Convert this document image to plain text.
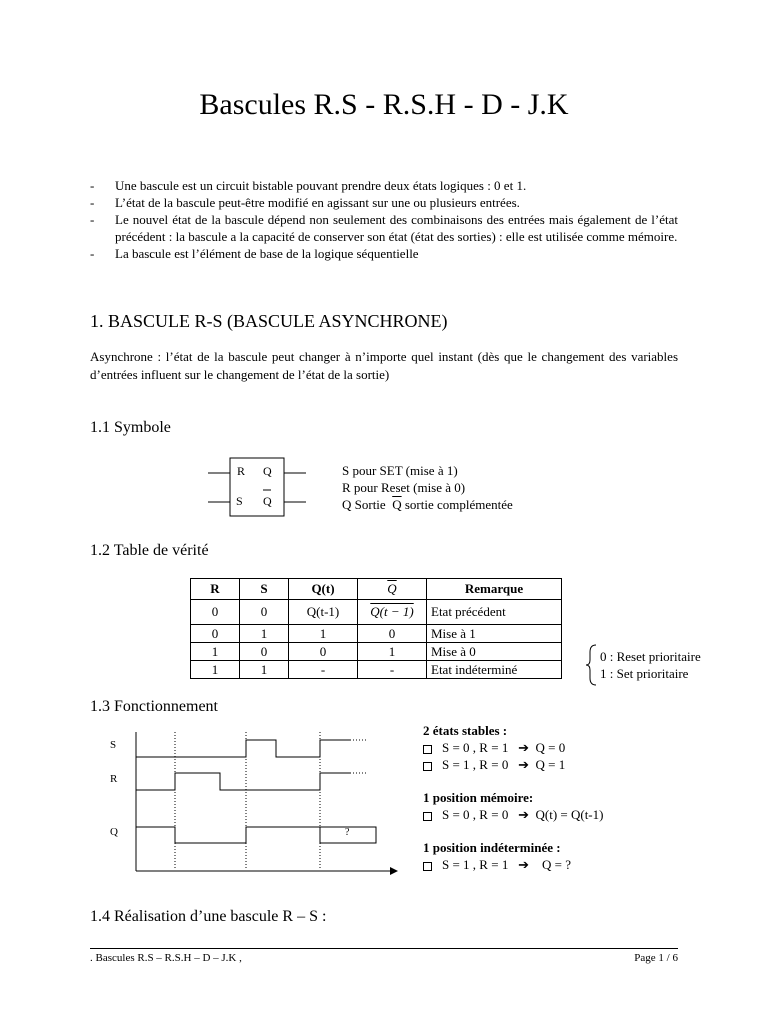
Bascules R.S - R.S.H - D - J.K
- Une bascule est un circuit bistable pouvant prendre deux états logiques : 0 et 1.
- L’état de la bascule peut-être modifié en agissant sur une ou plusieurs entrées.
- Le nouvel état de la bascule dépend non seulement des combinaisons des entrées mais également de l’état précédent : la bascule a la capacité de conserver son état (état des sorties) : elle est utilisée comme mémoire.
- La bascule est l’élément de base de la logique séquentielle
1. BASCULE R-S (BASCULE ASYNCHRONE)
Asynchrone : l’état de la bascule peut changer à n’importe quel instant (dès que le changement des variables d’entrées influent sur le changement de l’état de la sortie)
1.1 Symbole
R Q
S Q
S pour SET (mise à 1)
R pour Reset (mise à 0)
Q Sortie $\overline{Q}$ sortie complémentée
1.2 Table de vérité
R	S	Q(t)	$\overline{Q}$	Remarque
0	0	Q(t-1)	Q(t − 1)	Etat précédent
0	1	1	0	Mise à 1
1	0	0	1	Mise à 0
1	1	-	-	Etat indéterminé
0 : Reset prioritaire
1 : Set prioritaire
1.3 Fonctionnement
S
R
Q	?
2 états stables :
S = 0 , R = 1 ➔ Q = 0
S = 1 , R = 0 ➔ Q = 1
1 position mémoire:
S = 0 , R = 0 ➔ Q(t) = Q(t-1)
1 position indéterminée :
S = 1 , R = 1 ➔ Q = ?
1.4 Réalisation d’une bascule R – S :
. Bascules R.S – R.S.H – D – J.K ,	Page 1 / 6
